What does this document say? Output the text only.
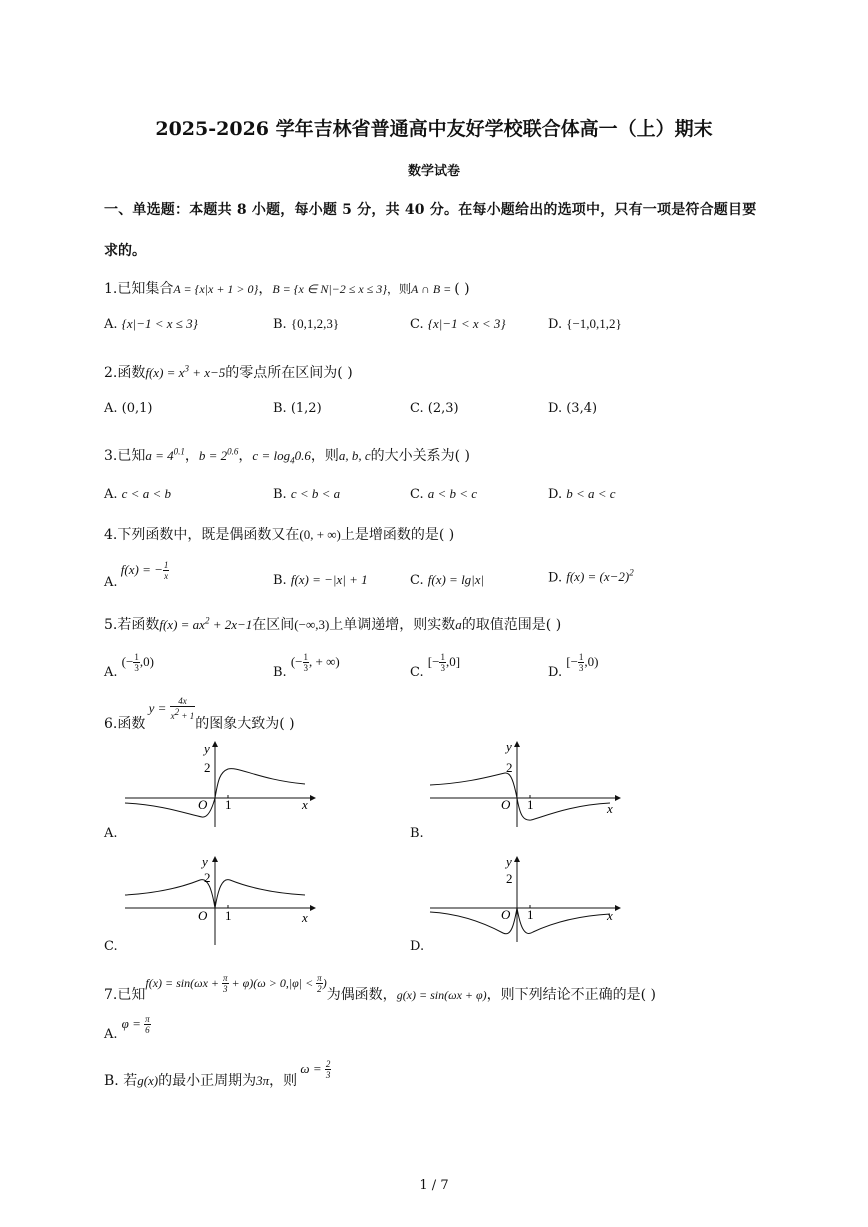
2025-2026 学年吉林省普通高中友好学校联合体高一（上）期末
数学试卷
一、单选题：本题共 8 小题，每小题 5 分，共 40 分。在每小题给出的选项中，只有一项是符合题目要
求的。
1.已知集合A = {x|x + 1 > 0}，B = {x ∈ N|−2 ≤ x ≤ 3}，则A ∩ B = ( )
A. {x|−1 < x ≤ 3}	B. {0,1,2,3}	C. {x|−1 < x < 3}	D. {−1,0,1,2}
2.函数$f(x) = x^3 + x-5$的零点所在区间为( )
A. (0,1)	B. (1,2)	C. (2,3)	D. (3,4)
3.已知$a = 4^{0.1}$，$b = 2^{0.6}$，$c = \log_40.6$，则a, b, c的大小关系为( )
A. c < a < b	B. c < b < a	C. a < b < c	D. b < a < c
4.下列函数中，既是偶函数又在(0, + ∞)上是增函数的是( )
A. f(x) = − $\frac{1}{x}$	B. f(x) = −|x| + 1	C. f(x) = lg|x|	D. $f(x) = (x-2)^2$
5.若函数$f(x) = ax^2 + 2x-1$在区间(−∞,3)上单调递增，则实数a的取值范围是( )
A. (− $\frac{1}{3} ,0$)
B. (− $\frac{1}{3}$ , + ∞)
C. [− $\frac{1}{3} ,0$]
D. [− $\frac{1}{3} ,0$)
6.函数 $y = \frac{4x}{x^2 + 1}$
的图象大致为( )
y
2
O 1	x
A.
y
2
O 1	x
B.
y
2
O 1	x
C.
y
2
O 1	x
D.
7.已知$f(x) = \sin(\omega x + \frac{\pi}{3} + \varphi)(\omega > 0,|\varphi| < \frac{\pi}{2}$ )为偶函数，g(x) = sin(ωx + φ)，则下列结论不正确的是( )
A. $\varphi = \frac{\pi}{6}$
B. 若g(x)的最小正周期为3π，则 $\omega = \frac{2}{3}$
1 / 7
